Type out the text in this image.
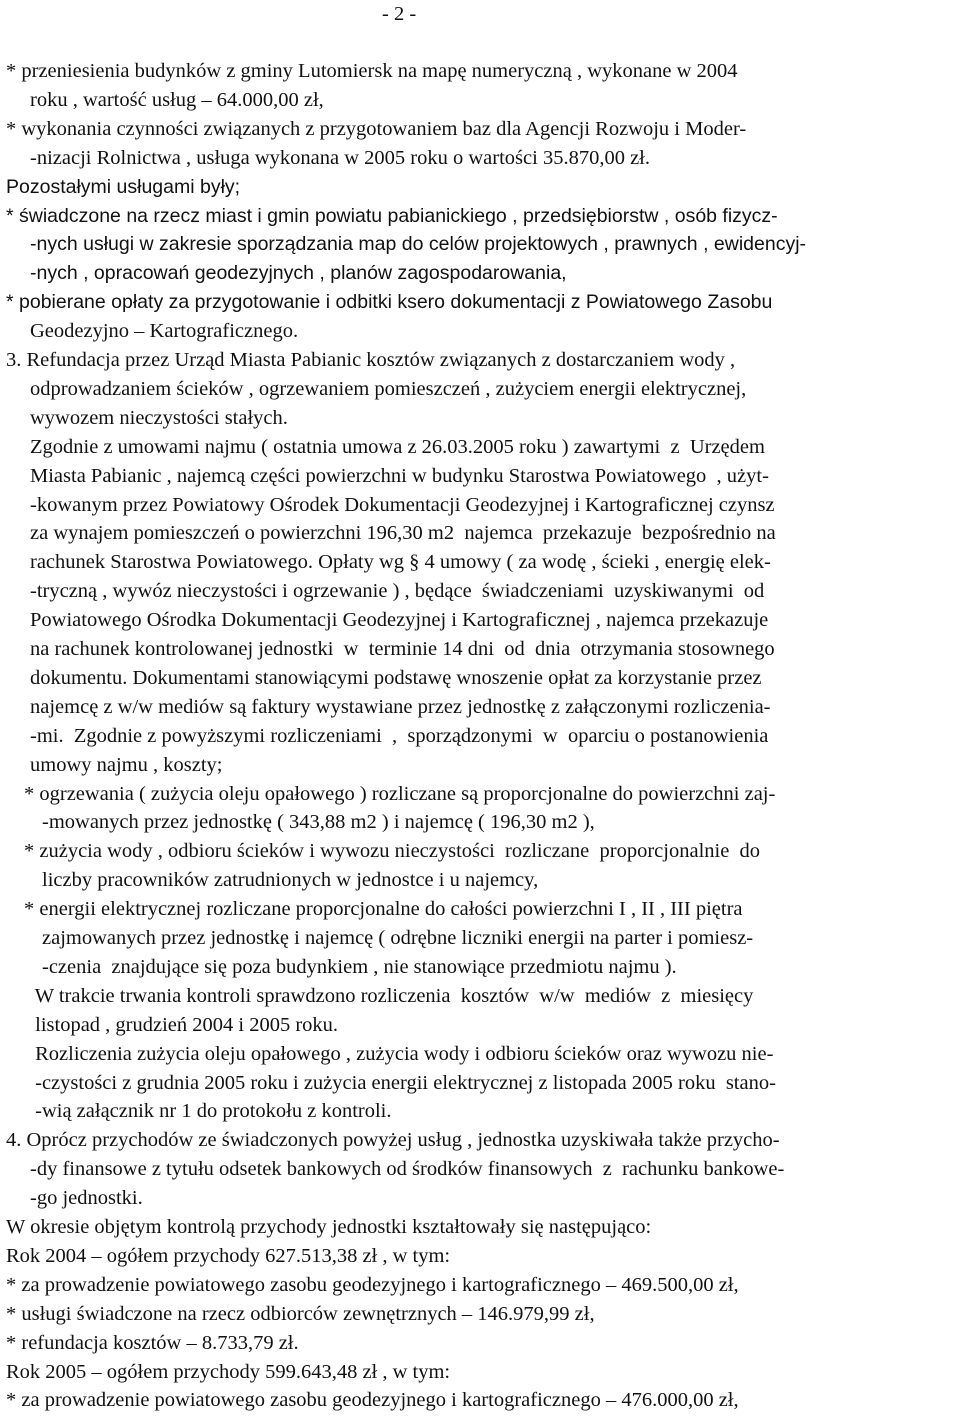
- 2 -
* przeniesienia budynków z gminy Lutomiersk na mapę numeryczną , wykonane w 2004
roku , wartość usług – 64.000,00 zł,
* wykonania czynności związanych z przygotowaniem baz dla Agencji Rozwoju i Moder-
-nizacji Rolnictwa , usługa wykonana w 2005 roku o wartości 35.870,00 zł.
Pozostałymi usługami były;
* świadczone na rzecz miast i gmin powiatu pabianickiego , przedsiębiorstw , osób fizycz-
-nych usługi w zakresie sporządzania map do celów projektowych , prawnych , ewidencyj-
-nych , opracowań geodezyjnych , planów zagospodarowania,
* pobierane opłaty za przygotowanie i odbitki ksero dokumentacji z Powiatowego Zasobu
Geodezyjno – Kartograficznego.
3. Refundacja przez Urząd Miasta Pabianic kosztów związanych z dostarczaniem wody ,
odprowadzaniem ścieków , ogrzewaniem pomieszczeń , zużyciem energii elektrycznej,
wywozem nieczystości stałych.
Zgodnie z umowami najmu ( ostatnia umowa z 26.03.2005 roku ) zawartymi  z  Urzędem
Miasta Pabianic , najemcą części powierzchni w budynku Starostwa Powiatowego  , użyt-
-kowanym przez Powiatowy Ośrodek Dokumentacji Geodezyjnej i Kartograficznej czynsz
za wynajem pomieszczeń o powierzchni 196,30 m2  najemca  przekazuje  bezpośrednio na
rachunek Starostwa Powiatowego. Opłaty wg § 4 umowy ( za wodę , ścieki , energię elek-
-tryczną , wywóz nieczystości i ogrzewanie ) , będące  świadczeniami  uzyskiwanymi  od
Powiatowego Ośrodka Dokumentacji Geodezyjnej i Kartograficznej , najemca przekazuje
na rachunek kontrolowanej jednostki  w  terminie 14 dni  od  dnia  otrzymania stosownego
dokumentu. Dokumentami stanowiącymi podstawę wnoszenie opłat za korzystanie przez
najemcę z w/w mediów są faktury wystawiane przez jednostkę z załączonymi rozliczenia-
-mi.  Zgodnie z powyższymi rozliczeniami  ,  sporządzonymi  w  oparciu o postanowienia
umowy najmu , koszty;
* ogrzewania ( zużycia oleju opałowego ) rozliczane są proporcjonalne do powierzchni zaj-
-mowanych przez jednostkę ( 343,88 m2 ) i najemcę ( 196,30 m2 ),
* zużycia wody , odbioru ścieków i wywozu nieczystości  rozliczane  proporcjonalnie  do
liczby pracowników zatrudnionych w jednostce i u najemcy,
* energii elektrycznej rozliczane proporcjonalne do całości powierzchni I , II , III piętra
zajmowanych przez jednostkę i najemcę ( odrębne liczniki energii na parter i pomiesz-
-czenia  znajdujące się poza budynkiem , nie stanowiące przedmiotu najmu ).
W trakcie trwania kontroli sprawdzono rozliczenia  kosztów  w/w  mediów  z  miesięcy
listopad , grudzień 2004 i 2005 roku.
Rozliczenia zużycia oleju opałowego , zużycia wody i odbioru ścieków oraz wywozu nie-
-czystości z grudnia 2005 roku i zużycia energii elektrycznej z listopada 2005 roku  stano-
-wią załącznik nr 1 do protokołu z kontroli.
4. Oprócz przychodów ze świadczonych powyżej usług , jednostka uzyskiwała także przycho-
-dy finansowe z tytułu odsetek bankowych od środków finansowych  z  rachunku bankowe-
-go jednostki.
W okresie objętym kontrolą przychody jednostki kształtowały się następująco:
Rok 2004 – ogółem przychody 627.513,38 zł , w tym:
* za prowadzenie powiatowego zasobu geodezyjnego i kartograficznego – 469.500,00 zł,
* usługi świadczone na rzecz odbiorców zewnętrznych – 146.979,99 zł,
* refundacja kosztów – 8.733,79 zł.
Rok 2005 – ogółem przychody 599.643,48 zł , w tym:
* za prowadzenie powiatowego zasobu geodezyjnego i kartograficznego – 476.000,00 zł,
